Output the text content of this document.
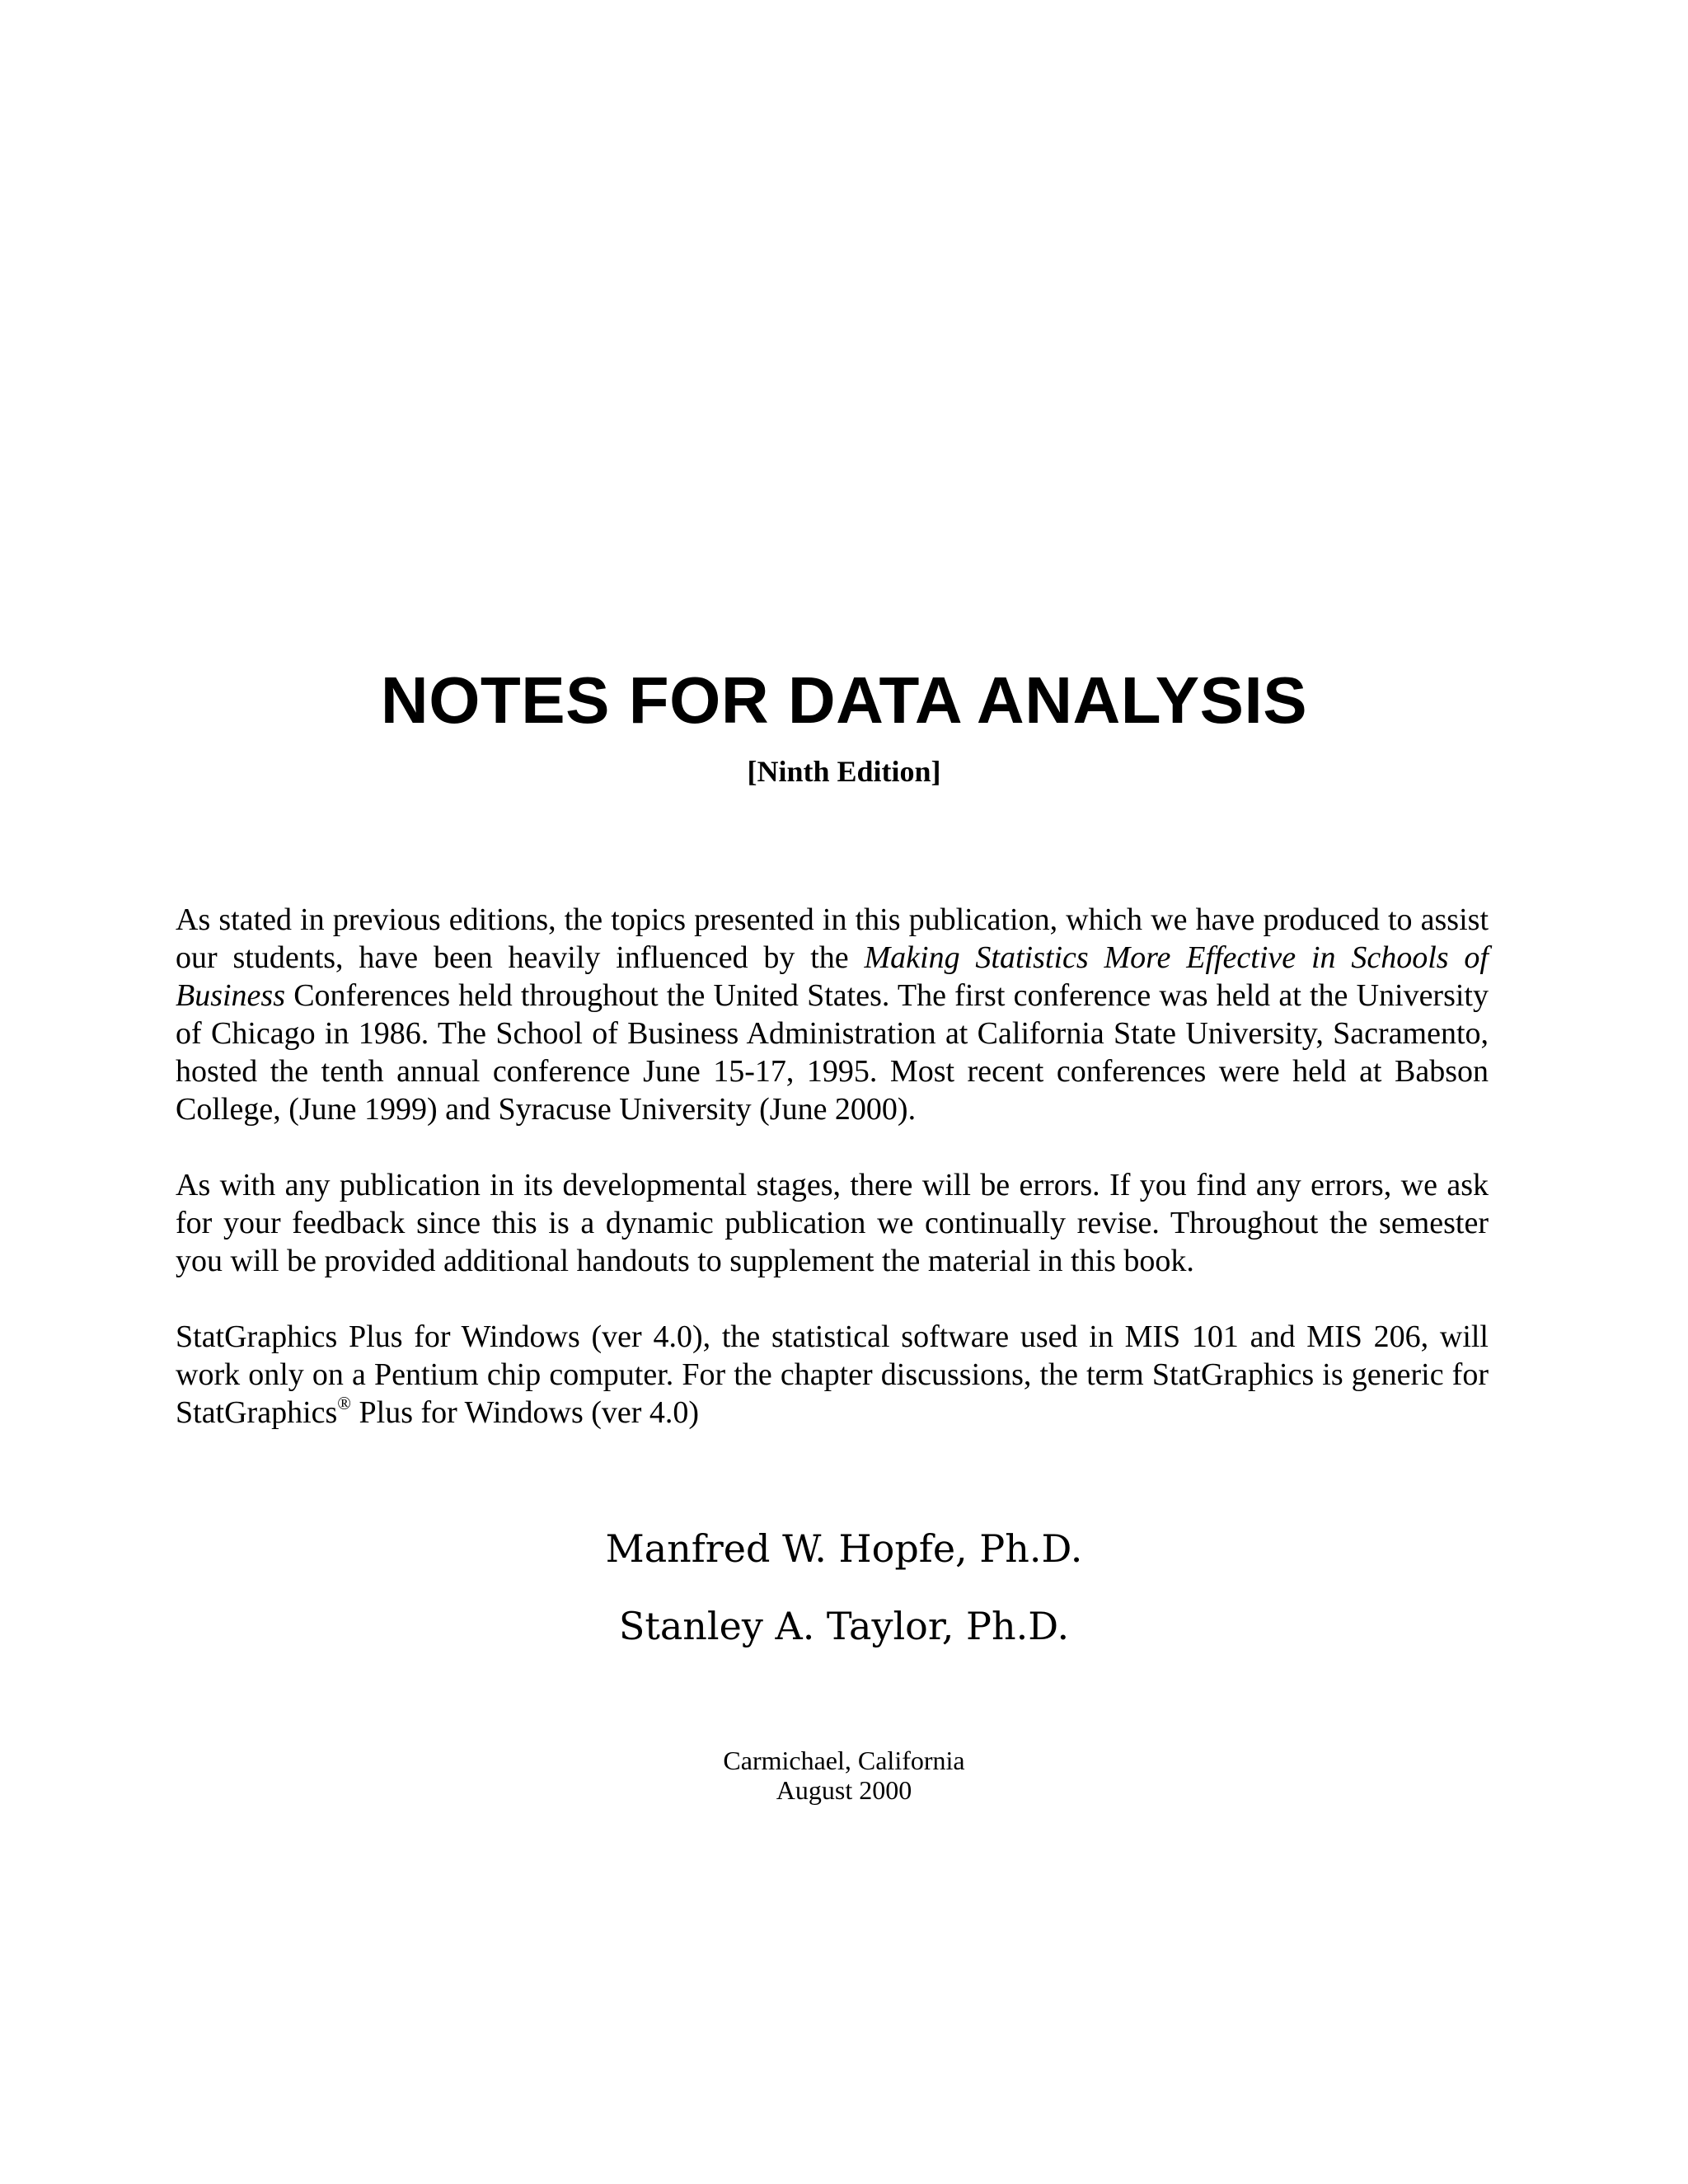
NOTES FOR DATA ANALYSIS
[Ninth Edition]

As stated in previous editions, the topics presented in this publication, which we have produced to assist our students, have been heavily influenced by the Making Statistics More Effective in Schools of Business Conferences held throughout the United States. The first conference was held at the University of Chicago in 1986. The School of Business Administration at California State University, Sacramento, hosted the tenth annual conference June 15-17, 1995. Most recent conferences were held at Babson College, (June 1999) and Syracuse University (June 2000).

As with any publication in its developmental stages, there will be errors. If you find any errors, we ask for your feedback since this is a dynamic publication we continually revise. Throughout the semester you will be provided additional handouts to supplement the material in this book.

StatGraphics Plus for Windows (ver 4.0), the statistical software used in MIS 101 and MIS 206, will work only on a Pentium chip computer. For the chapter discussions, the term StatGraphics is generic for StatGraphics® Plus for Windows (ver 4.0)

Manfred W. Hopfe, Ph.D.
Stanley A. Taylor, Ph.D.
Carmichael, California
August 2000
